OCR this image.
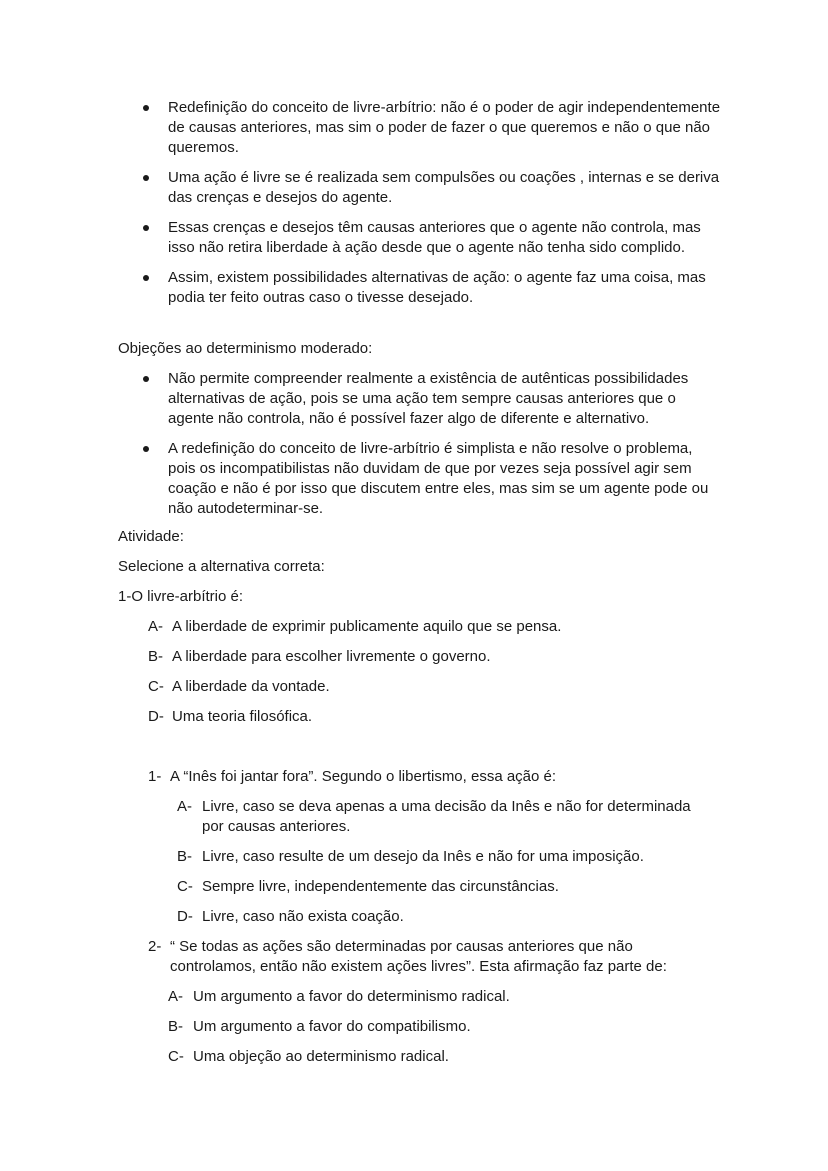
Redefinição do conceito de livre-arbítrio: não é o poder de agir independentemente de causas anteriores, mas sim o poder de fazer o que queremos e não o que não queremos.
Uma ação é livre se é realizada sem compulsões ou coações , internas e se deriva das crenças e desejos do agente.
Essas crenças e desejos têm causas anteriores que o agente não controla, mas isso não retira liberdade à ação desde que o agente não tenha sido complido.
Assim, existem possibilidades alternativas de ação: o agente faz uma coisa, mas podia ter feito outras caso o tivesse desejado.

Objeções ao determinismo moderado:

Não permite compreender realmente a existência de autênticas possibilidades alternativas de ação, pois se uma ação tem sempre causas anteriores que o agente não controla, não é possível fazer algo de diferente e alternativo.
A redefinição do conceito de livre-arbítrio é simplista e não resolve o problema, pois os incompatibilistas não duvidam de que por vezes seja possível agir sem coação e não é por isso que discutem entre eles, mas sim se um agente pode ou não autodeterminar-se.

Atividade:

Selecione a alternativa correta:

1-O livre-arbítrio é:

A- A liberdade de exprimir publicamente aquilo que se pensa.
B- A liberdade para escolher livremente o governo.
C- A liberdade da vontade.
D- Uma teoria filosófica.

1- A “Inês foi jantar fora”. Segundo o libertismo, essa ação é:

A- Livre, caso se deva apenas a uma decisão da Inês e não for determinada por causas anteriores.
B- Livre, caso resulte de um desejo da Inês e não for uma imposição.
C- Sempre livre, independentemente das circunstâncias.
D- Livre, caso não exista coação.

2- “ Se todas as ações são determinadas por causas anteriores que não controlamos, então não existem ações livres”. Esta afirmação faz parte de:

A- Um argumento a favor do determinismo radical.
B- Um argumento a favor do compatibilismo.
C- Uma objeção ao determinismo radical.
